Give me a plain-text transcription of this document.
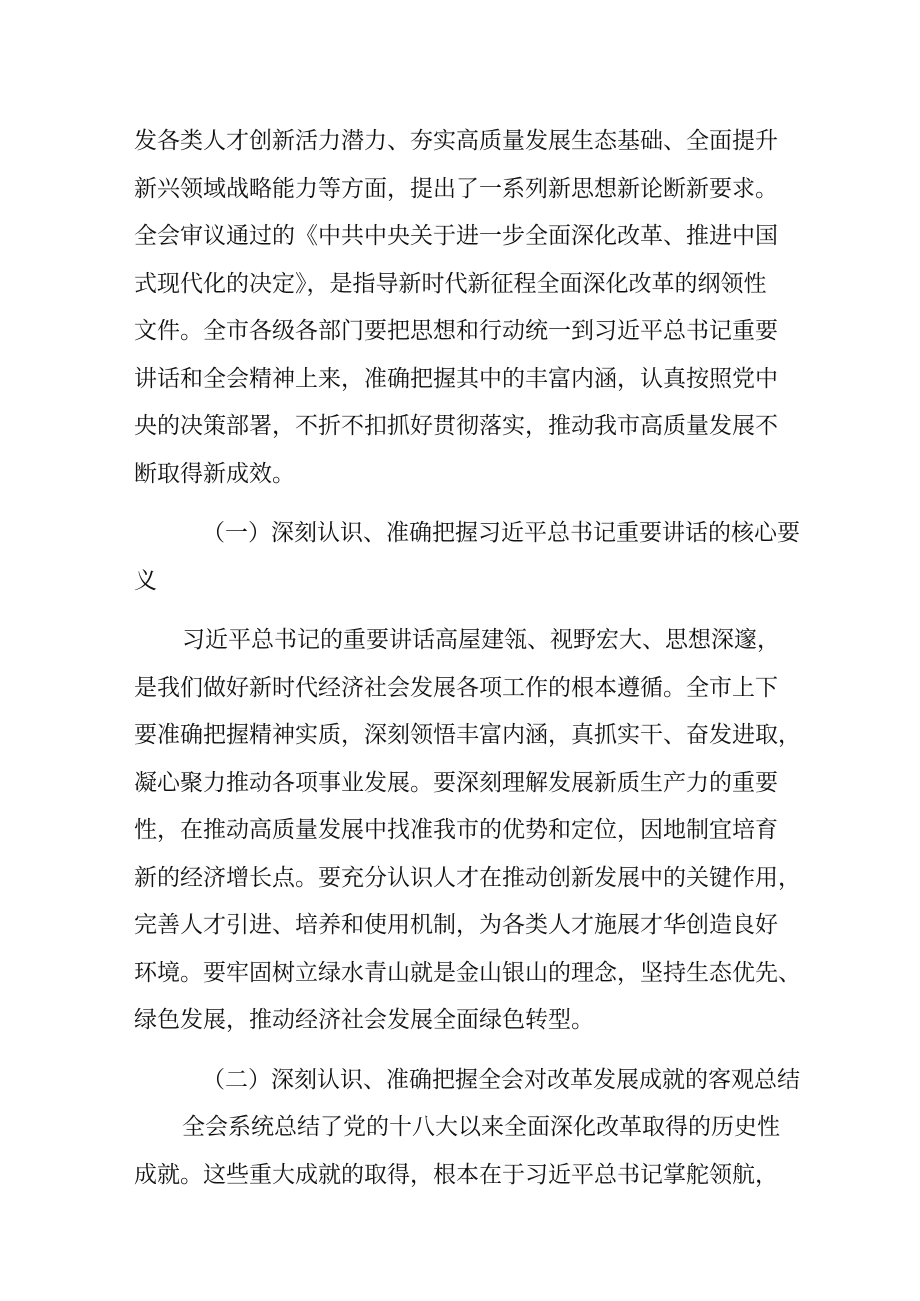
发各类人才创新活力潜力、夯实高质量发展生态基础、全面提升
新兴领域战略能力等方面，提出了一系列新思想新论断新要求。
全会审议通过的《中共中央关于进一步全面深化改革、推进中国
式现代化的决定》，是指导新时代新征程全面深化改革的纲领性
文件。全市各级各部门要把思想和行动统一到习近平总书记重要
讲话和全会精神上来，准确把握其中的丰富内涵，认真按照党中
央的决策部署，不折不扣抓好贯彻落实，推动我市高质量发展不
断取得新成效。
（一）深刻认识、准确把握习近平总书记重要讲话的核心要
义
习近平总书记的重要讲话高屋建瓴、视野宏大、思想深邃，
是我们做好新时代经济社会发展各项工作的根本遵循。全市上下
要准确把握精神实质，深刻领悟丰富内涵，真抓实干、奋发进取，
凝心聚力推动各项事业发展。要深刻理解发展新质生产力的重要
性，在推动高质量发展中找准我市的优势和定位，因地制宜培育
新的经济增长点。要充分认识人才在推动创新发展中的关键作用，
完善人才引进、培养和使用机制，为各类人才施展才华创造良好
环境。要牢固树立绿水青山就是金山银山的理念，坚持生态优先、
绿色发展，推动经济社会发展全面绿色转型。
（二）深刻认识、准确把握全会对改革发展成就的客观总结
全会系统总结了党的十八大以来全面深化改革取得的历史性
成就。这些重大成就的取得，根本在于习近平总书记掌舵领航，
